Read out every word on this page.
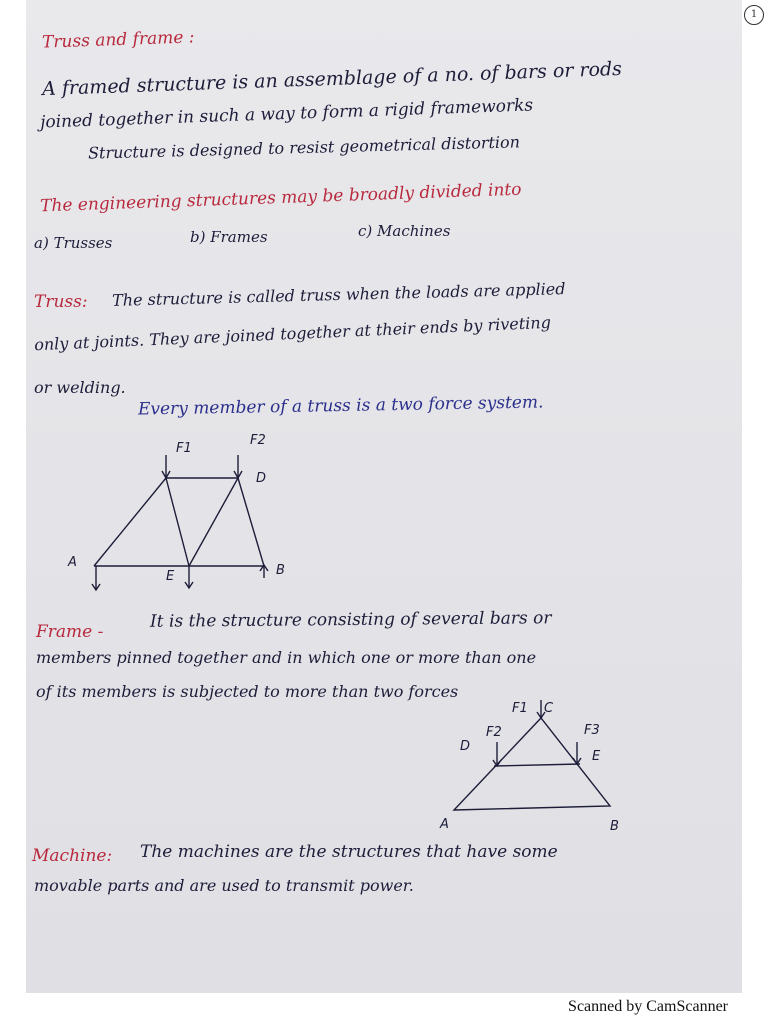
1
Truss and frame :
A framed structure is an assemblage of a no. of bars or rods
joined together in such a way to form a rigid frameworks
Structure is designed to resist geometrical distortion
The engineering structures may be broadly divided into
a) Trusses	b) Frames	c) Machines
Truss: The structure is called truss when the loads are applied
only at joints. They are joined together at their ends by riveting
or welding.
Every member of a truss is a two force system.
F1
F2
D
A
E	B
Frame -
It is the structure consisting of several bars or
members pinned together and in which one or more than one
of its members is subjected to more than two forces
F1 C
F2	F3
D
E
A	B
Machine: The machines are the structures that have some
movable parts and are used to transmit power.
Scanned by CamScanner
